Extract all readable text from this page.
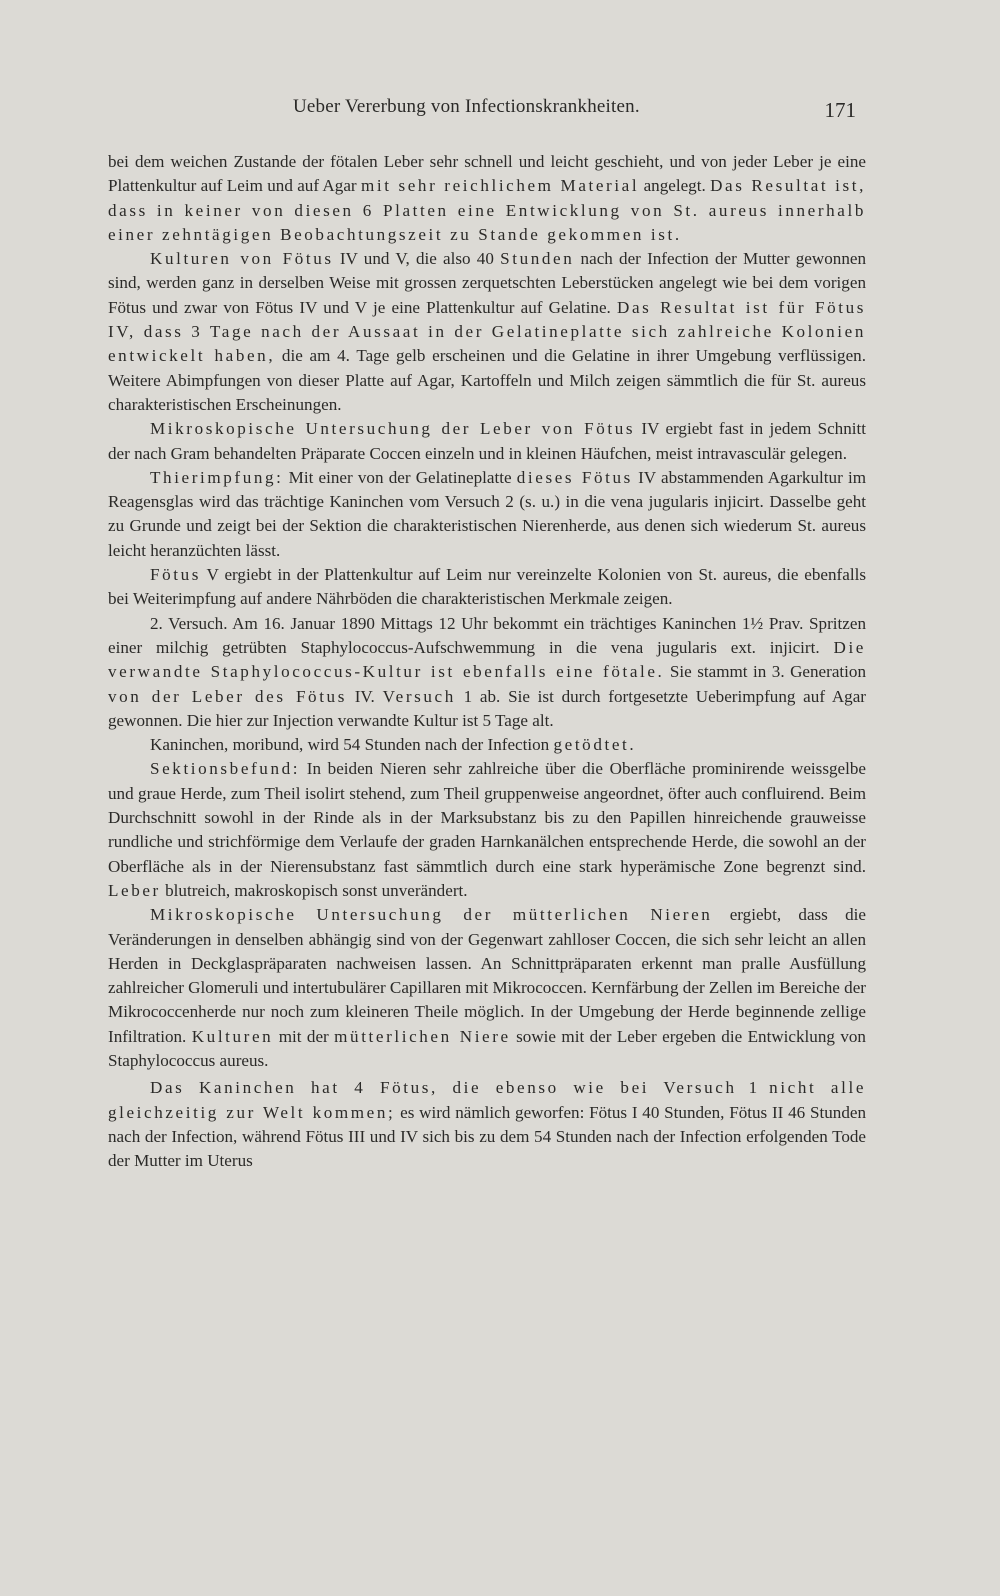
Ueber Vererbung von Infectionskrankheiten.	171

bei dem weichen Zustande der fötalen Leber sehr schnell und leicht geschieht, und von jeder Leber je eine Plattenkultur auf Leim und auf Agar mit sehr reichlichem Material angelegt. Das Resultat ist, dass in keiner von diesen 6 Platten eine Entwicklung von St. aureus innerhalb einer zehntägigen Beobachtungszeit zu Stande gekommen ist.

Kulturen von Fötus IV und V, die also 40 Stunden nach der Infection der Mutter gewonnen sind, werden ganz in derselben Weise mit grossen zerquetschten Leberstücken angelegt wie bei dem vorigen Fötus und zwar von Fötus IV und V je eine Plattenkultur auf Gelatine. Das Resultat ist für Fötus IV, dass 3 Tage nach der Aussaat in der Gelatineplatte sich zahlreiche Kolonien entwickelt haben, die am 4. Tage gelb erscheinen und die Gelatine in ihrer Umgebung verflüssigen. Weitere Abimpfungen von dieser Platte auf Agar, Kartoffeln und Milch zeigen sämmtlich die für St. aureus charakteristischen Erscheinungen.

Mikroskopische Untersuchung der Leber von Fötus IV ergiebt fast in jedem Schnitt der nach Gram behandelten Präparate Coccen einzeln und in kleinen Häufchen, meist intravasculär gelegen.

Thierimpfung: Mit einer von der Gelatineplatte dieses Fötus IV abstammenden Agarkultur im Reagensglas wird das trächtige Kaninchen vom Versuch 2 (s. u.) in die vena jugularis injicirt. Dasselbe geht zu Grunde und zeigt bei der Sektion die charakteristischen Nierenherde, aus denen sich wiederum St. aureus leicht heranzüchten lässt.

Fötus V ergiebt in der Plattenkultur auf Leim nur vereinzelte Kolonien von St. aureus, die ebenfalls bei Weiterimpfung auf andere Nährböden die charakteristischen Merkmale zeigen.

2. Versuch. Am 16. Januar 1890 Mittags 12 Uhr bekommt ein trächtiges Kaninchen 1½ Prav. Spritzen einer milchig getrübten Staphylococcus-Aufschwemmung in die vena jugularis ext. injicirt. Die verwandte Staphylococcus-Kultur ist ebenfalls eine fötale. Sie stammt in 3. Generation von der Leber des Fötus IV. Versuch 1 ab. Sie ist durch fortgesetzte Ueberimpfung auf Agar gewonnen. Die hier zur Injection verwandte Kultur ist 5 Tage alt.

Kaninchen, moribund, wird 54 Stunden nach der Infection getödtet.

Sektionsbefund: In beiden Nieren sehr zahlreiche über die Oberfläche prominirende weissgelbe und graue Herde, zum Theil isolirt stehend, zum Theil gruppenweise angeordnet, öfter auch confluirend. Beim Durchschnitt sowohl in der Rinde als in der Marksubstanz bis zu den Papillen hinreichende grauweisse rundliche und strichförmige dem Verlaufe der graden Harnkanälchen entsprechende Herde, die sowohl an der Oberfläche als in der Nierensubstanz fast sämmtlich durch eine stark hyperämische Zone begrenzt sind. Leber blutreich, makroskopisch sonst unverändert.

Mikroskopische Untersuchung der mütterlichen Nieren ergiebt, dass die Veränderungen in denselben abhängig sind von der Gegenwart zahlloser Coccen, die sich sehr leicht an allen Herden in Deckglaspräparaten nachweisen lassen. An Schnittpräparaten erkennt man pralle Ausfüllung zahlreicher Glomeruli und intertubulärer Capillaren mit Mikrococcen. Kernfärbung der Zellen im Bereiche der Mikrococcenherde nur noch zum kleineren Theile möglich. In der Umgebung der Herde beginnende zellige Infiltration. Kulturen mit der mütterlichen Niere sowie mit der Leber ergeben die Entwicklung von Staphylococcus aureus.

Das Kaninchen hat 4 Fötus, die ebenso wie bei Versuch 1 nicht alle gleichzeitig zur Welt kommen; es wird nämlich geworfen: Fötus I 40 Stunden, Fötus II 46 Stunden nach der Infection, während Fötus III und IV sich bis zu dem 54 Stunden nach der Infection erfolgenden Tode der Mutter im Uterus
